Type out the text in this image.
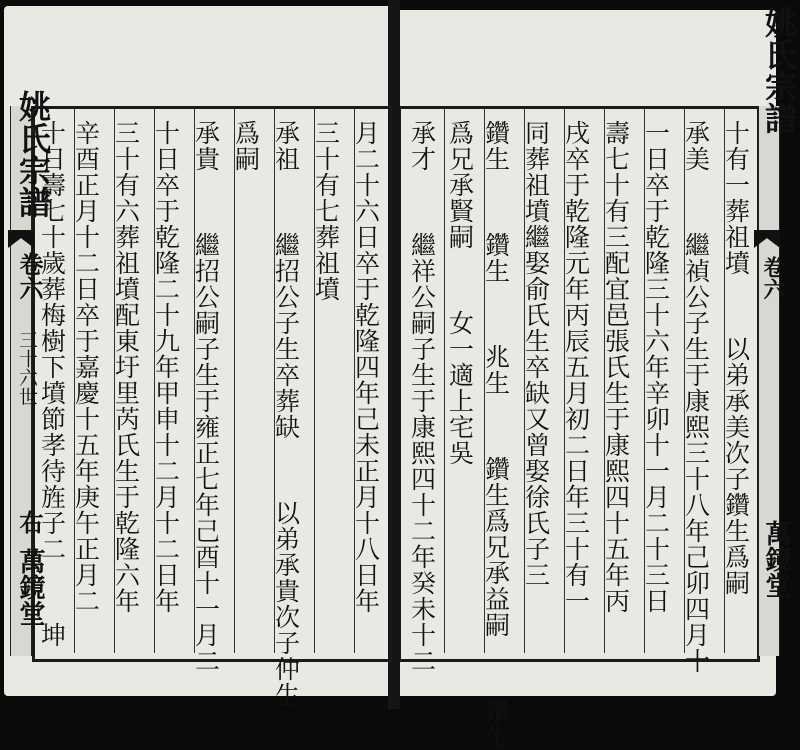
姚氏宗譜
卷六
三十六世
右
萬鏡堂
姚氏宗譜
卷六
萬鏡堂
月二十六日卒于乾隆四年己未正月十八日年
三十有七葬祖墳
承祖  繼招公子生卒葬缺  以弟承貴次子仲生
爲嗣
承貴  繼招公嗣子生于雍正七年己酉十一月二
十日卒于乾隆二十九年甲申十二月十二日年
三十有六葬祖墳配東圩里芮氏生于乾隆六年
辛酉正月十二日卒于嘉慶十五年庚午正月二
十日壽七十歲葬梅樹下墳節孝待旌子二  坤	十有一葬祖墳  以弟承美次子鑽生爲嗣
承美  繼禎公子生于康熙三十八年己卯四月十
一日卒于乾隆三十六年辛卯十一月二十三日
壽七十有三配宜邑張氏生于康熙四十五年丙
戌卒于乾隆元年丙辰五月初二日年三十有一
同葬祖墳繼娶俞氏生卒缺又曾娶徐氏子三
鑽生  鑽生  兆生  鑽生爲兄承益嗣  鑽生
爲兄承賢嗣  女一適上宅吳
承才  繼祥公嗣子生于康熙四十二年癸未十二
